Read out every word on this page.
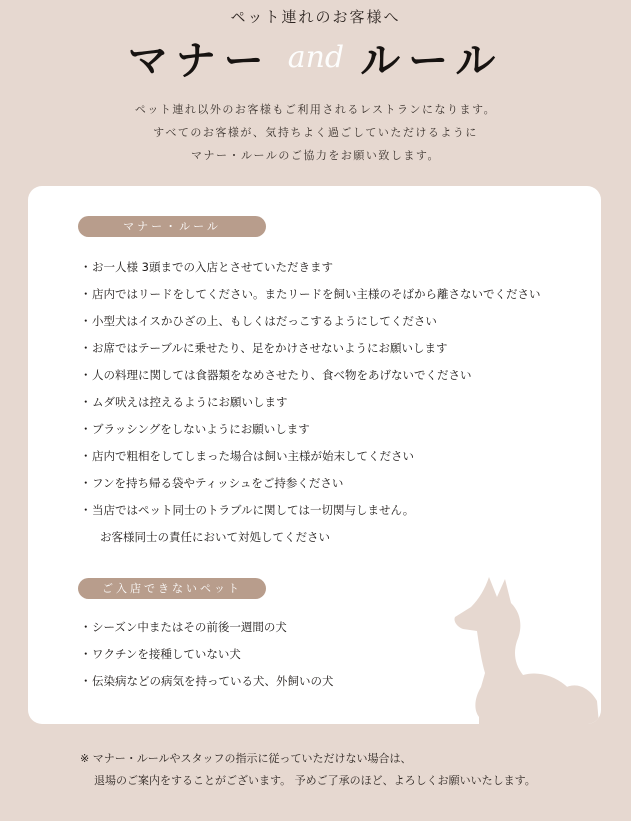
ペット連れのお客様へ
マナー and ルール
ペット連れ以外のお客様もご利用されるレストランになります。
すべてのお客様が、気持ちよく過ごしていただけるように
マナー・ルールのご協力をお願い致します。
マナー・ルール
・お一人様 3頭までの入店とさせていただきます
・店内ではリードをしてください。またリードを飼い主様のそばから離さないでください
・小型犬はイスかひざの上、もしくはだっこするようにしてください
・お席ではテーブルに乗せたり、足をかけさせないようにお願いします
・人の料理に関しては食器類をなめさせたり、食べ物をあげないでください
・ムダ吠えは控えるようにお願いします
・ブラッシングをしないようにお願いします
・店内で粗相をしてしまった場合は飼い主様が始末してください
・フンを持ち帰る袋やティッシュをご持参ください
・当店ではペット同士のトラブルに関しては一切関与しません。
お客様同士の責任において対処してください
ご入店できないペット
・シーズン中またはその前後一週間の犬
・ワクチンを接種していない犬
・伝染病などの病気を持っている犬、外飼いの犬
※ マナー・ルールやスタッフの指示に従っていただけない場合は、
退場のご案内をすることがございます。 予めご了承のほど、よろしくお願いいたします。
